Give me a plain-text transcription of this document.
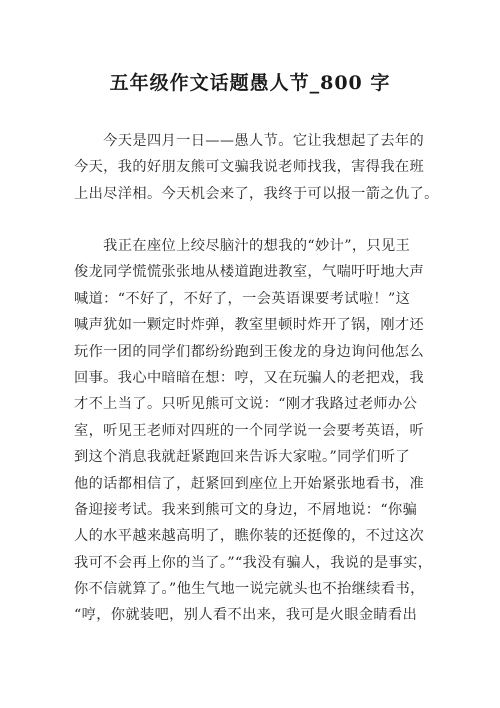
五年级作文话题愚人节_800 字
　　今天是四月一日——愚人节。它让我想起了去年的
今天，我的好朋友熊可文骗我说老师找我，害得我在班
上出尽洋相。今天机会来了，我终于可以报一箭之仇了。
　　我正在座位上绞尽脑汁的想我的“妙计”，只见王
俊龙同学慌慌张张地从楼道跑进教室，气喘吁吁地大声
喊道：“不好了，不好了，一会英语课要考试啦！”这
喊声犹如一颗定时炸弹，教室里顿时炸开了锅，刚才还
玩作一团的同学们都纷纷跑到王俊龙的身边询问他怎么
回事。我心中暗暗在想：哼，又在玩骗人的老把戏，我
才不上当了。只听见熊可文说：“刚才我路过老师办公
室，听见王老师对四班的一个同学说一会要考英语，听
到这个消息我就赶紧跑回来告诉大家啦。”同学们听了
他的话都相信了，赶紧回到座位上开始紧张地看书，准
备迎接考试。我来到熊可文的身边，不屑地说：“你骗
人的水平越来越高明了，瞧你装的还挺像的，不过这次
我可不会再上你的当了。”“我没有骗人，我说的是事实，
你不信就算了。”他生气地一说完就头也不抬继续看书，
“哼，你就装吧，别人看不出来，我可是火眼金睛看出
